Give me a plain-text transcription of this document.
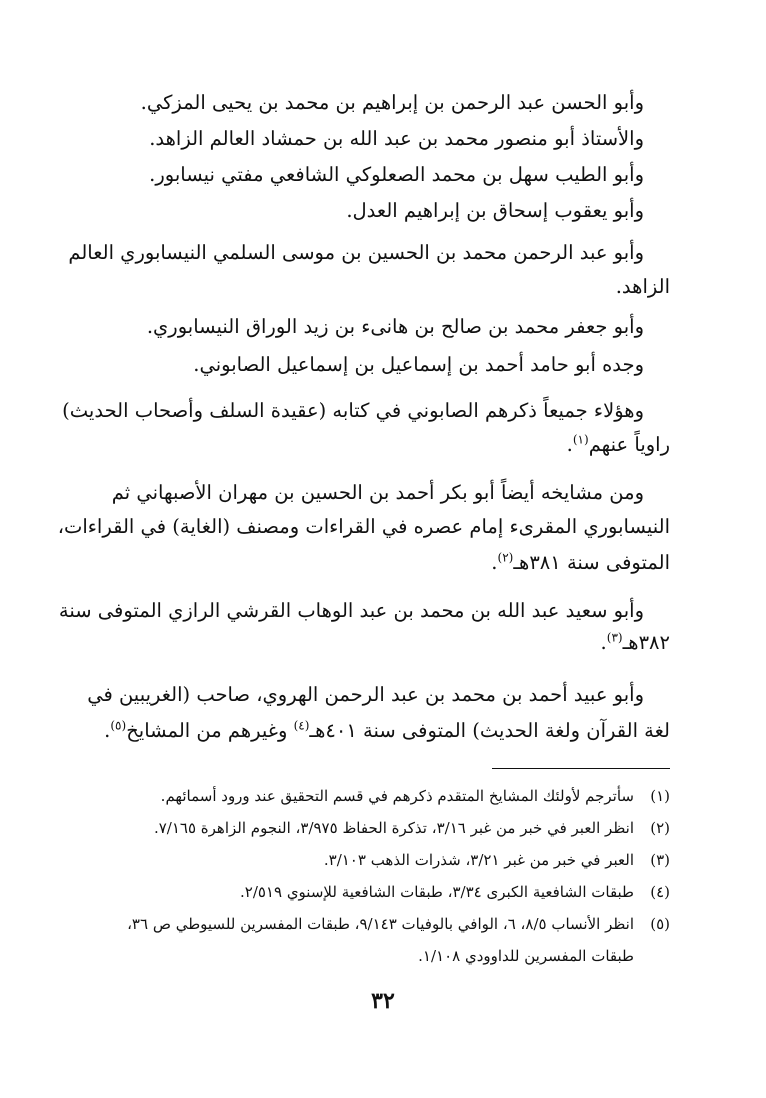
وأبو الحسن عبد الرحمن بن إبراهيم بن محمد بن يحيى المزكي.
والأستاذ أبو منصور محمد بن عبد الله بن حمشاد العالم الزاهد.
وأبو الطيب سهل بن محمد الصعلوكي الشافعي مفتي نيسابور.
وأبو يعقوب إسحاق بن إبراهيم العدل.
وأبو عبد الرحمن محمد بن الحسين بن موسى السلمي النيسابوري العالم
الزاهد.
وأبو جعفر محمد بن صالح بن هانىء بن زيد الوراق النيسابوري.
وجده أبو حامد أحمد بن إسماعيل بن إسماعيل الصابوني.
وهؤلاء جميعاً ذكرهم الصابوني في كتابه (عقيدة السلف وأصحاب الحديث)
راوياً عنهم$^{(١)}$.
ومن مشايخه أيضاً أبو بكر أحمد بن الحسين بن مهران الأصبهاني ثم
النيسابوري المقرىء إمام عصره في القراءات ومصنف (الغاية) في القراءات،
المتوفى سنة ٣٨١هـ$^{(٢)}$.
وأبو سعيد عبد الله بن محمد بن عبد الوهاب القرشي الرازي المتوفى سنة
٣٨٢هـ$^{(٣)}$.
وأبو عبيد أحمد بن محمد بن عبد الرحمن الهروي، صاحب (الغريبين في
لغة القرآن ولغة الحديث) المتوفى سنة ٤٠١هـ$^{(٤)}$ وغيرهم من المشايخ$^{(٥)}$.
(١)سأترجم لأولئك المشايخ المتقدم ذكرهم في قسم التحقيق عند ورود أسمائهم.
(٢)انظر العبر في خبر من غبر ٣/١٦، تذكرة الحفاظ ٣/٩٧٥، النجوم الزاهرة ٧/١٦٥.
(٣)العبر في خبر من غبر ٣/٢١، شذرات الذهب ٣/١٠٣.
(٤)طبقات الشافعية الكبرى ٣/٣٤، طبقات الشافعية للإسنوي ٢/٥١٩.
(٥)انظر الأنساب ٨/٥، ٦، الوافي بالوفيات ٩/١٤٣، طبقات المفسرين للسيوطي ص ٣٦،
طبقات المفسرين للداوودي ١/١٠٨.
٣٢
